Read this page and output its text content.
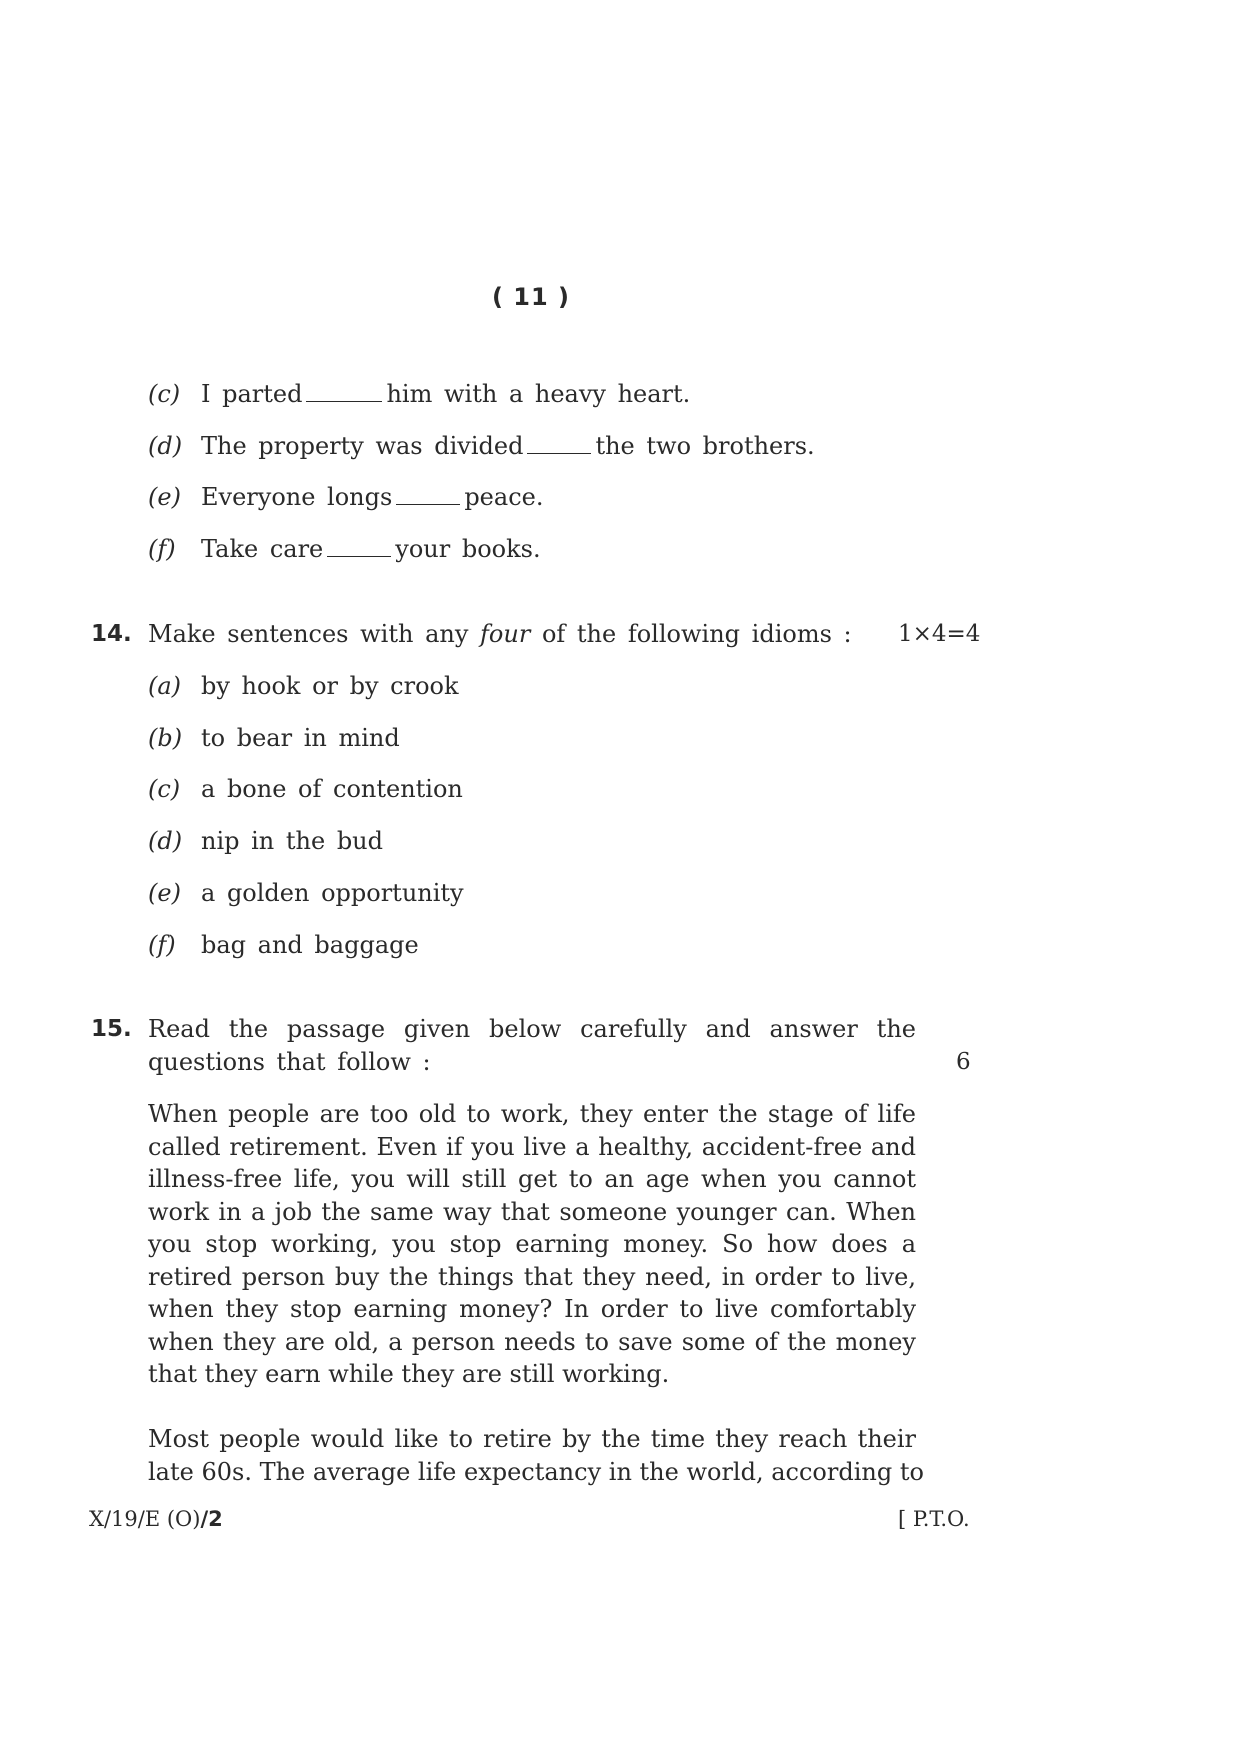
( 11 )
(c) I parted	him with a heavy heart.
(d) The property was divided	the two brothers.
(e) Everyone longs	peace.
(f) Take care	your books.
14. Make sentences with any four of the following idioms : 1×4=4
(a) by hook or by crook
(b) to bear in mind
(c) a bone of contention
(d) nip in the bud
(e) a golden opportunity
(f) bag and baggage
15. Read the passage given below carefully and answer the
questions that follow :	6
When people are too old to work, they enter the stage of life
called retirement. Even if you live a healthy, accident-free and
illness-free life, you will still get to an age when you cannot
work in a job the same way that someone younger can. When
you stop working, you stop earning money. So how does a
retired person buy the things that they need, in order to live,
when they stop earning money? In order to live comfortably
when they are old, a person needs to save some of the money
that they earn while they are still working.
Most people would like to retire by the time they reach their
late 60s. The average life expectancy in the world, according to
X/19/E (O)/2	[ P.T.O.
